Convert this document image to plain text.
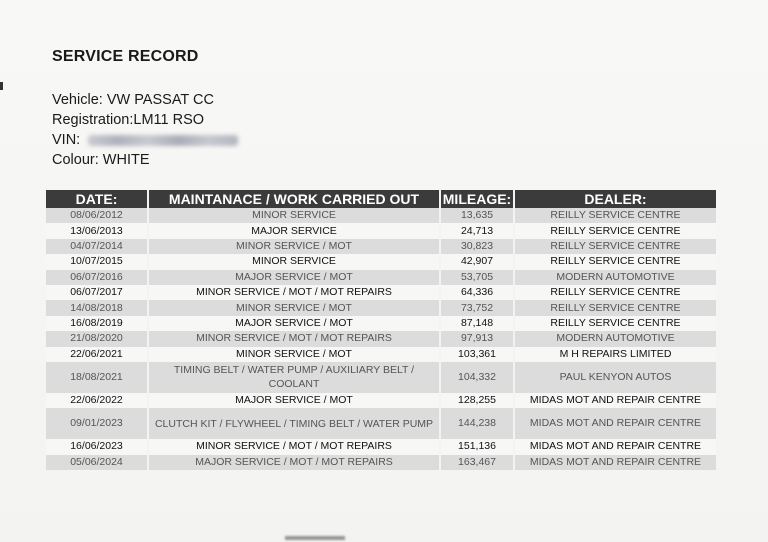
SERVICE RECORD
Vehicle: VW PASSAT CC
Registration:LM11 RSO
VIN:
Colour: WHITE
DATE:	MAINTANACE / WORK CARRIED OUT	MILEAGE:	DEALER:
08/06/2012	MINOR SERVICE	13,635	REILLY SERVICE CENTRE
13/06/2013	MAJOR SERVICE	24,713	REILLY SERVICE CENTRE
04/07/2014	MINOR SERVICE / MOT	30,823	REILLY SERVICE CENTRE
10/07/2015	MINOR SERVICE	42,907	REILLY SERVICE CENTRE
06/07/2016	MAJOR SERVICE / MOT	53,705	MODERN AUTOMOTIVE
06/07/2017	MINOR SERVICE / MOT / MOT REPAIRS	64,336	REILLY SERVICE CENTRE
14/08/2018	MINOR SERVICE / MOT	73,752	REILLY SERVICE CENTRE
16/08/2019	MAJOR SERVICE / MOT	87,148	REILLY SERVICE CENTRE
21/08/2020	MINOR SERVICE / MOT / MOT REPAIRS	97,913	MODERN AUTOMOTIVE
22/06/2021	MINOR SERVICE / MOT	103,361	M H REPAIRS LIMITED
18/08/2021	TIMING BELT / WATER PUMP / AUXILIARY BELT / COOLANT	104,332	PAUL KENYON AUTOS
22/06/2022	MAJOR SERVICE / MOT	128,255	MIDAS MOT AND REPAIR CENTRE
09/01/2023	CLUTCH KIT / FLYWHEEL / TIMING BELT / WATER PUMP	144,238	MIDAS MOT AND REPAIR CENTRE
16/06/2023	MINOR SERVICE / MOT / MOT REPAIRS	151,136	MIDAS MOT AND REPAIR CENTRE
05/06/2024	MAJOR SERVICE / MOT / MOT REPAIRS	163,467	MIDAS MOT AND REPAIR CENTRE
